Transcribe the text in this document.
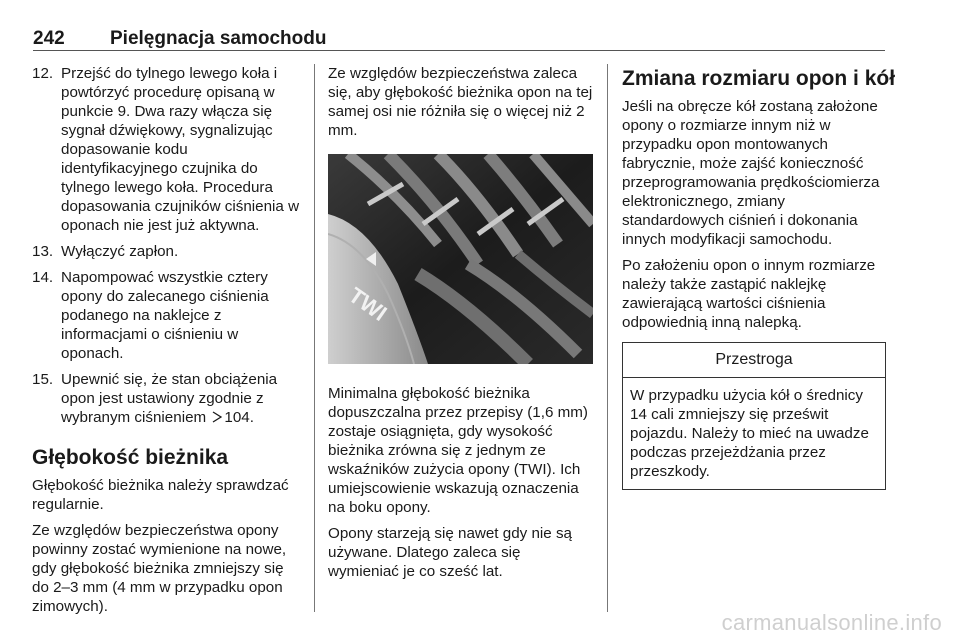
242 Pielęgnacja samochodu
12. Przejść do tylnego lewego koła i powtórzyć procedurę opisaną w punkcie 9. Dwa razy włącza się sygnał dźwiękowy, sygnalizując dopasowanie kodu identyfikacyjnego czujnika do tylnego lewego koła. Procedura dopasowania czujników ciśnienia w oponach nie jest już aktywna.
13. Wyłączyć zapłon.
14. Napompować wszystkie cztery opony do zalecanego ciśnienia podanego na naklejce z informacjami o ciśnieniu w oponach.
15. Upewnić się, że stan obciążenia opon jest ustawiony zgodnie z wybranym ciśnieniem 104.
Głębokość bieżnika

Głębokość bieżnika należy sprawdzać regularnie.

Ze względów bezpieczeństwa opony powinny zostać wymienione na nowe, gdy głębokość bieżnika zmniejszy się do 2–3 mm (4 mm w przypadku opon zimowych).

Ze względów bezpieczeństwa zaleca się, aby głębokość bieżnika opon na tej samej osi nie różniła się o więcej niż 2 mm.

TWI

Minimalna głębokość bieżnika dopuszczalna przez przepisy (1,6 mm) zostaje osiągnięta, gdy wysokość bieżnika zrówna się z jednym ze wskaźników zużycia opony (TWI). Ich umiejscowienie wskazują oznaczenia na boku opony.

Opony starzeją się nawet gdy nie są używane. Dlatego zaleca się wymieniać je co sześć lat.

Zmiana rozmiaru opon i kół

Jeśli na obręcze kół zostaną założone opony o rozmiarze innym niż w przypadku opon montowanych fabrycznie, może zajść konieczność przeprogramowania prędkościomierza elektronicznego, zmiany standardowych ciśnień i dokonania innych modyfikacji samochodu.

Po założeniu opon o innym rozmiarze należy także zastąpić naklejkę zawierającą wartości ciśnienia odpowiednią inną nalepką.

Przestroga
W przypadku użycia kół o średnicy 14 cali zmniejszy się prześwit pojazdu. Należy to mieć na uwadze podczas przejeżdżania przez przeszkody.
carmanualsonline.info
